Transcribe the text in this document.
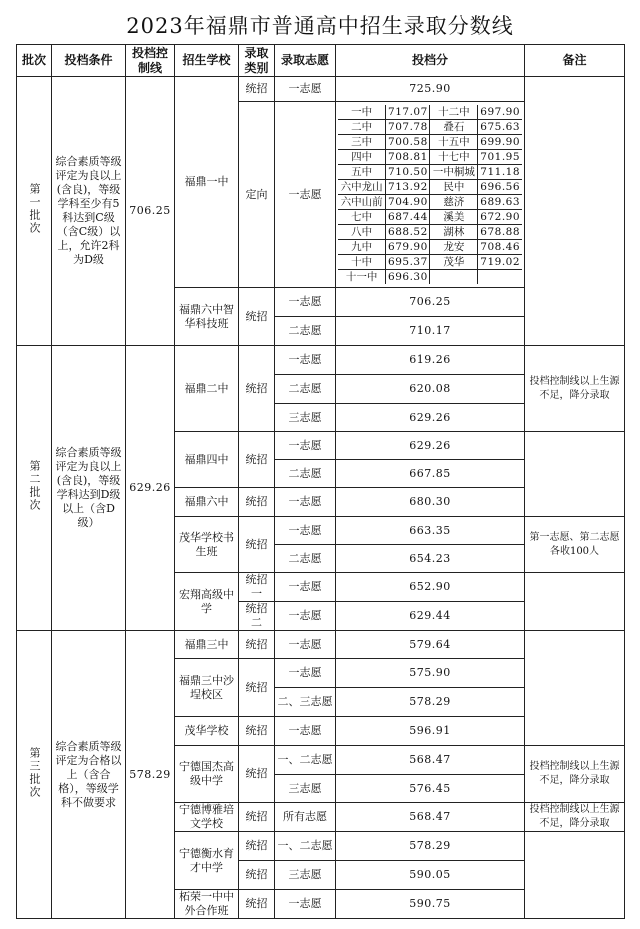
2023年福鼎市普通高中招生录取分数线
批次	投档条件	投档控制线	招生学校	录取类别	录取志愿	投档分	备注
第一批次	综合素质等级评定为良以上(含良)，等级学科至少有5科达到C级（含C级）以上，允许2科为D级	706.25	福鼎一中	统招	一志愿	725.90	
定向	一志愿	
一中	717.07	十二中	697.90
二中	707.78	叠石	675.63
三中	700.58	十五中	699.90
四中	708.81	十七中	701.95
五中	710.50	一中桐城	711.18
六中龙山	713.92	民中	696.56
六中山前	704.90	慈济	689.63
七中	687.44	溪美	672.90
八中	688.52	湖林	678.88
九中	679.90	龙安	708.46
十中	695.37	茂华	719.02
十一中	696.30		

福鼎六中智华科技班	统招	一志愿	706.25
二志愿	710.17
第二批次	综合素质等级评定为良以上(含良)，等级学科达到D级以上（含D级）	629.26	福鼎二中	统招	一志愿	619.26	投档控制线以上生源不足，降分录取
二志愿	620.08
三志愿	629.26
福鼎四中	统招	一志愿	629.26	
二志愿	667.85
福鼎六中	统招	一志愿	680.30
茂华学校书生班	统招	一志愿	663.35	第一志愿、第二志愿各收100人
二志愿	654.23
宏翔高级中学	统招一	一志愿	652.90	
统招二	一志愿	629.44
第三批次	综合素质等级评定为合格以上（含合格），等级学科不做要求	578.29	福鼎三中	统招	一志愿	579.64	
福鼎三中沙埕校区	统招	一志愿	575.90
二、三志愿	578.29
茂华学校	统招	一志愿	596.91
宁德国杰高级中学	统招	一、二志愿	568.47	投档控制线以上生源不足，降分录取
三志愿	576.45
宁德博雅培文学校	统招	所有志愿	568.47	投档控制线以上生源不足，降分录取
宁德衡水育才中学	统招	一、二志愿	578.29	
统招	三志愿	590.05
柘荣一中中外合作班	统招	一志愿	590.75
